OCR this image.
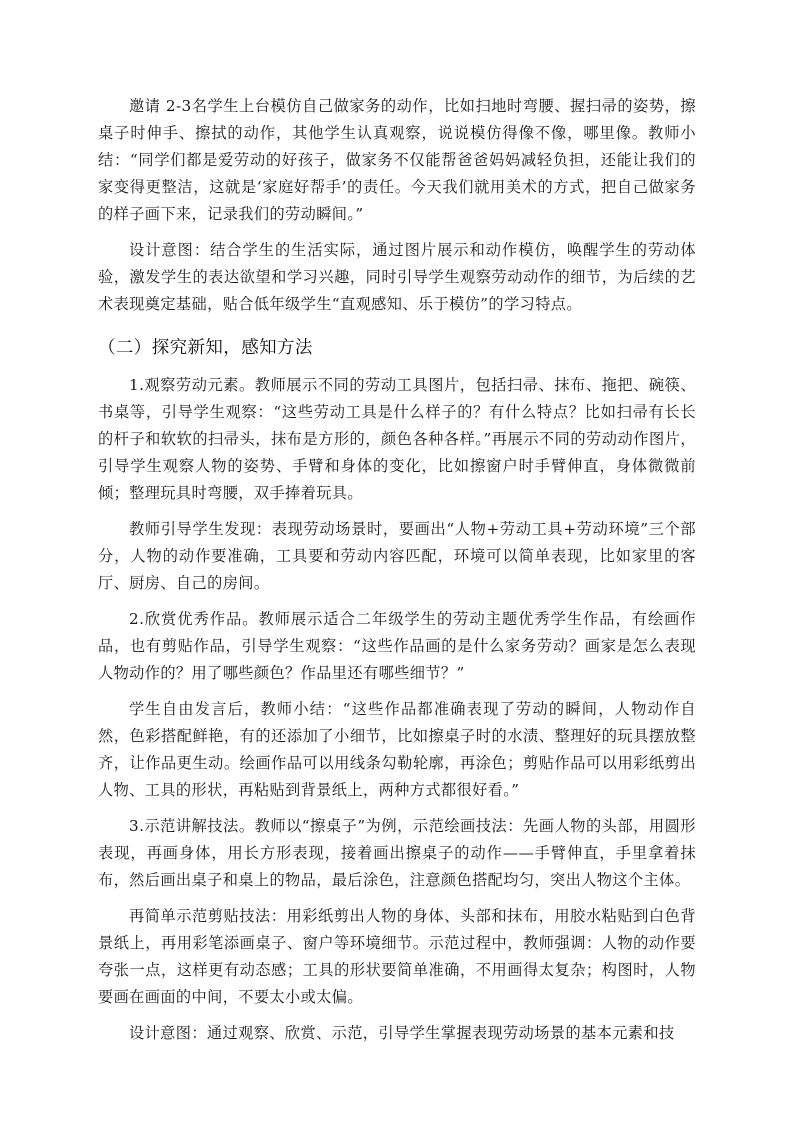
邀请 2-3名学生上台模仿自己做家务的动作，比如扫地时弯腰、握扫帚的姿势，擦桌子时伸手、擦拭的动作，其他学生认真观察，说说模仿得像不像，哪里像。教师小结：“同学们都是爱劳动的好孩子，做家务不仅能帮爸爸妈妈减轻负担，还能让我们的家变得更整洁，这就是‘家庭好帮手’的责任。今天我们就用美术的方式，把自己做家务的样子画下来，记录我们的劳动瞬间。”

设计意图：结合学生的生活实际，通过图片展示和动作模仿，唤醒学生的劳动体验，激发学生的表达欲望和学习兴趣，同时引导学生观察劳动动作的细节，为后续的艺术表现奠定基础，贴合低年级学生“直观感知、乐于模仿”的学习特点。

（二）探究新知，感知方法

1.观察劳动元素。教师展示不同的劳动工具图片，包括扫帚、抹布、拖把、碗筷、书桌等，引导学生观察：“这些劳动工具是什么样子的？有什么特点？比如扫帚有长长的杆子和软软的扫帚头，抹布是方形的，颜色各种各样。”再展示不同的劳动动作图片，引导学生观察人物的姿势、手臂和身体的变化，比如擦窗户时手臂伸直，身体微微前倾；整理玩具时弯腰，双手捧着玩具。

教师引导学生发现：表现劳动场景时，要画出“人物+劳动工具+劳动环境”三个部分，人物的动作要准确，工具要和劳动内容匹配，环境可以简单表现，比如家里的客厅、厨房、自己的房间。

2.欣赏优秀作品。教师展示适合二年级学生的劳动主题优秀学生作品，有绘画作品，也有剪贴作品，引导学生观察：“这些作品画的是什么家务劳动？画家是怎么表现人物动作的？用了哪些颜色？作品里还有哪些细节？”

学生自由发言后，教师小结：“这些作品都准确表现了劳动的瞬间，人物动作自然，色彩搭配鲜艳，有的还添加了小细节，比如擦桌子时的水渍、整理好的玩具摆放整齐，让作品更生动。绘画作品可以用线条勾勒轮廓，再涂色；剪贴作品可以用彩纸剪出人物、工具的形状，再粘贴到背景纸上，两种方式都很好看。”

3.示范讲解技法。教师以“擦桌子”为例，示范绘画技法：先画人物的头部，用圆形表现，再画身体，用长方形表现，接着画出擦桌子的动作——手臂伸直，手里拿着抹布，然后画出桌子和桌上的物品，最后涂色，注意颜色搭配均匀，突出人物这个主体。

再简单示范剪贴技法：用彩纸剪出人物的身体、头部和抹布，用胶水粘贴到白色背景纸上，再用彩笔添画桌子、窗户等环境细节。示范过程中，教师强调：人物的动作要夸张一点，这样更有动态感；工具的形状要简单准确，不用画得太复杂；构图时，人物要画在画面的中间，不要太小或太偏。

设计意图：通过观察、欣赏、示范，引导学生掌握表现劳动场景的基本元素和技
